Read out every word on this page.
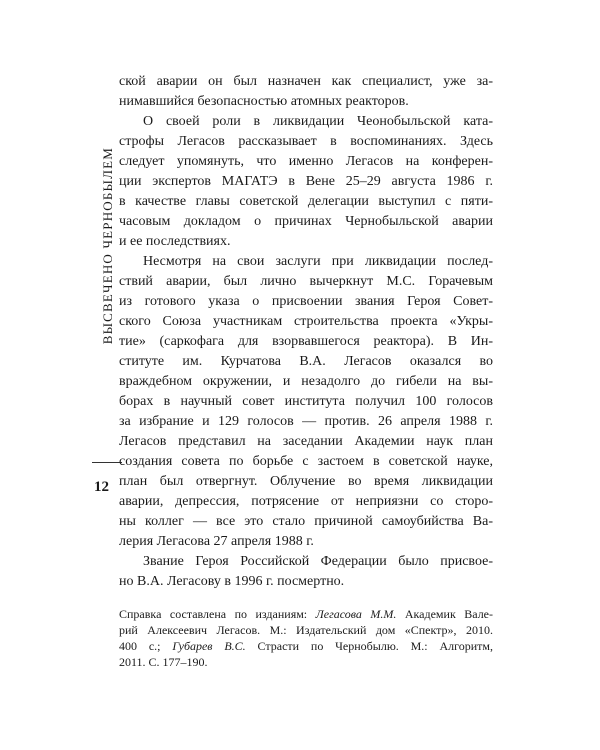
ВЫСВЕЧЕНО ЧЕРНОБЫЛЕМ
12
ской аварии он был назначен как специалист, уже за-
нимавшийся безопасностью атомных реакторов.
О своей роли в ликвидации Чеонобыльской ката-
строфы Легасов рассказывает в воспоминаниях. Здесь
следует упомянуть, что именно Легасов на конферен-
ции экспертов МАГАТЭ в Вене 25–29 августа 1986 г.
в качестве главы советской делегации выступил с пяти-
часовым докладом о причинах Чернобыльской аварии
и ее последствиях.
Несмотря на свои заслуги при ликвидации послед-
ствий аварии, был лично вычеркнут М.С. Горачевым
из готового указа о присвоении звания Героя Совет-
ского Союза участникам строительства проекта «Укры-
тие» (саркофага для взорвавшегося реактора). В Ин-
ституте им. Курчатова В.А. Легасов оказался во
враждебном окружении, и незадолго до гибели на вы-
борах в научный совет института получил 100 голосов
за избрание и 129 голосов — против. 26 апреля 1988 г.
Легасов представил на заседании Академии наук план
создания совета по борьбе с застоем в советской науке,
план был отвергнут. Облучение во время ликвидации
аварии, депрессия, потрясение от неприязни со сторо-
ны коллег — все это стало причиной самоубийства Ва-
лерия Легасова 27 апреля 1988 г.
Звание Героя Российской Федерации было присвое-
но В.А. Легасову в 1996 г. посмертно.
Справка составлена по изданиям: Легасова М.М. Академик Вале-
рий Алексеевич Легасов. М.: Издательский дом «Спектр», 2010.
400 с.; Губарев В.С. Страсти по Чернобылю. М.: Алгоритм,
2011. С. 177–190.
